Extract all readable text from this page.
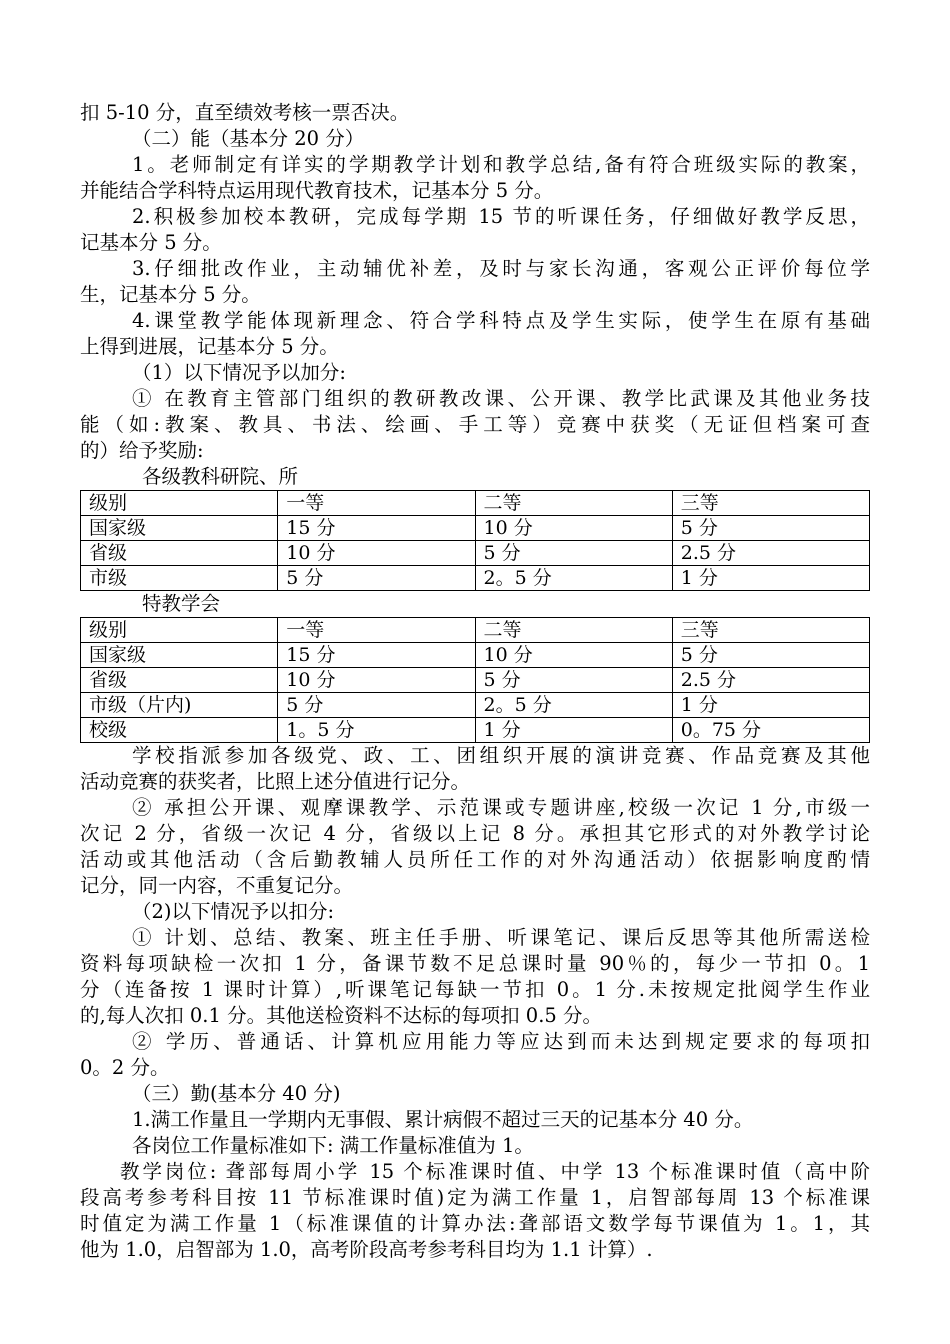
扣 5-10 分，直至绩效考核一票否决。
（二）能（基本分 20 分）
1。老师制定有详实的学期教学计划和教学总结,备有符合班级实际的教案，
并能结合学科特点运用现代教育技术，记基本分 5 分。
2.积极参加校本教研，完成每学期 15 节的听课任务，仔细做好教学反思，
记基本分 5 分。
3.仔细批改作业，主动辅优补差，及时与家长沟通，客观公正评价每位学
生，记基本分 5 分。
4.课堂教学能体现新理念、符合学科特点及学生实际，使学生在原有基础
上得到进展，记基本分 5 分。
（1）以下情况予以加分:
① 在教育主管部门组织的教研教改课、公开课、教学比武课及其他业务技
能（如:教案、教具、书法、绘画、手工等）竞赛中获奖（无证但档案可查
的）给予奖励:
各级教科研院、所
级别	一等	二等	三等
国家级	15 分	10 分	5 分
省级	10 分	5 分	2.5 分
市级	5 分	2。5 分	1 分
特教学会
级别	一等	二等	三等
国家级	15 分	10 分	5 分
省级	10 分	5 分	2.5 分
市级（片内)	5 分	2。5 分	1 分
校级	1。5 分	1 分	0。75 分
学校指派参加各级党、政、工、团组织开展的演讲竞赛、作品竞赛及其他
活动竞赛的获奖者，比照上述分值进行记分。
② 承担公开课、观摩课教学、示范课或专题讲座,校级一次记 1 分,市级一
次记 2 分，省级一次记 4 分，省级以上记 8 分。承担其它形式的对外教学讨论
活动或其他活动（含后勤教辅人员所任工作的对外沟通活动）依据影响度酌情
记分，同一内容，不重复记分。
（2)以下情况予以扣分:
① 计划、总结、教案、班主任手册、听课笔记、课后反思等其他所需送检
资料每项缺检一次扣 1 分，备课节数不足总课时量 90％的，每少一节扣 0。1
分（连备按 1 课时计算）,听课笔记每缺一节扣 0。1 分.未按规定批阅学生作业
的,每人次扣 0.1 分。其他送检资料不达标的每项扣 0.5 分。
② 学历、普通话、计算机应用能力等应达到而未达到规定要求的每项扣
0。2 分。
（三）勤(基本分 40 分)
1.满工作量且一学期内无事假、累计病假不超过三天的记基本分 40 分。
各岗位工作量标准如下: 满工作量标准值为 1。
教学岗位: 聋部每周小学 15 个标准课时值、中学 13 个标准课时值（高中阶
段高考参考科目按 11 节标准课时值)定为满工作量 1，启智部每周 13 个标准课
时值定为满工作量 1（标准课值的计算办法:聋部语文数学每节课值为 1。1，其
他为 1.0，启智部为 1.0，高考阶段高考参考科目均为 1.1 计算）.
